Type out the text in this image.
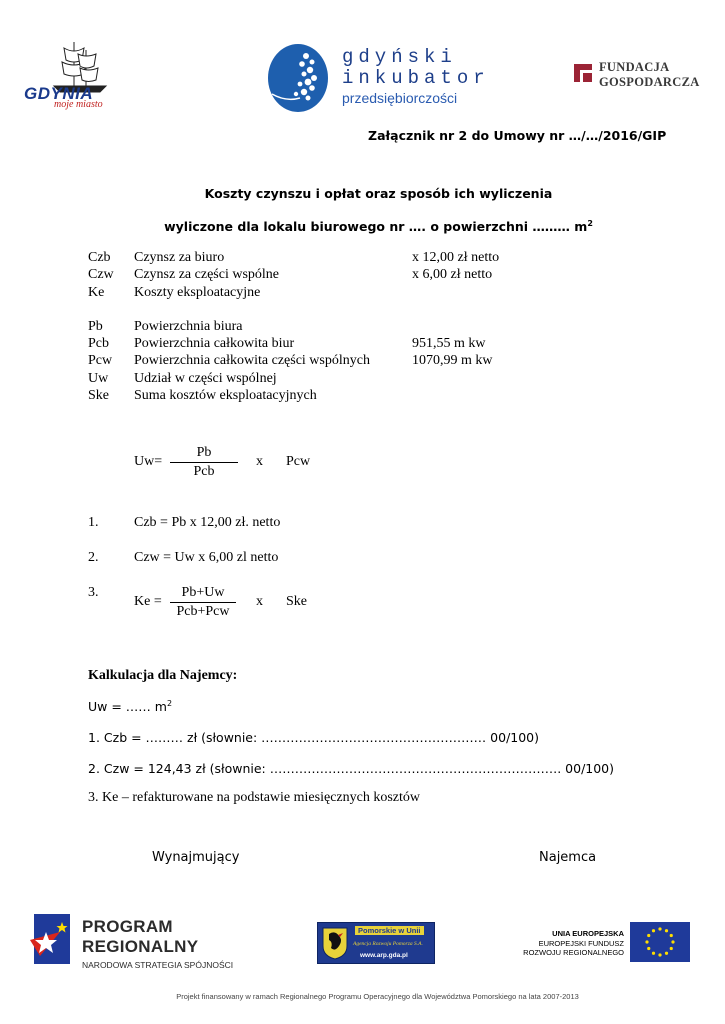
GDYNIA
moje miasto
gdyński
inkubator
przedsiębiorczości
FUNDACJA
GOSPODARCZA
Załącznik nr 2 do Umowy nr …/…/2016/GIP
Koszty czynszu i opłat oraz sposób ich wyliczenia
wyliczone dla lokalu biurowego nr …. o powierzchni ……… $m^2$
Czb Czynsz za biuro	x 12,00 zł netto
Czw Czynsz za części wspólne	x 6,00 zł netto
Ke Koszty eksploatacyjne
Pb Powierzchnia biura
Pcb Powierzchnia całkowita biur	951,55 m kw
Pcw Powierzchnia całkowita części wspólnych	1070,99 m kw
Uw Udział w części wspólnej
Ske Suma kosztów eksploatacyjnych
Uw=
Pb
Pcb
x Pcw
1.	Czb = Pb x 12,00 zł. netto
2.	Czw = Uw x 6,00 zl netto
3.
Ke =
Pb+Uw
Pcb+Pcw
x Ske
Kalkulacja dla Najemcy:
Uw = …… $m^2$
1. Czb = ……… zł (słownie: ……………………………………………… 00/100)
2. Czw = 124,43 zł (słownie: ……………………………………………………………. 00/100)
3. Ke – refakturowane na podstawie miesięcznych kosztów
Wynajmujący	Najemca
PROGRAM
REGIONALNY
NARODOWA STRATEGIA SPÓJNOŚCI
Pomorskie w Unii
Agencja Rozwoju Pomorza S.A.
www.arp.gda.pl
UNIA EUROPEJSKA
EUROPEJSKI FUNDUSZ
ROZWOJU REGIONALNEGO
Projekt finansowany w ramach Regionalnego Programu Operacyjnego dla Województwa Pomorskiego na lata 2007-2013
